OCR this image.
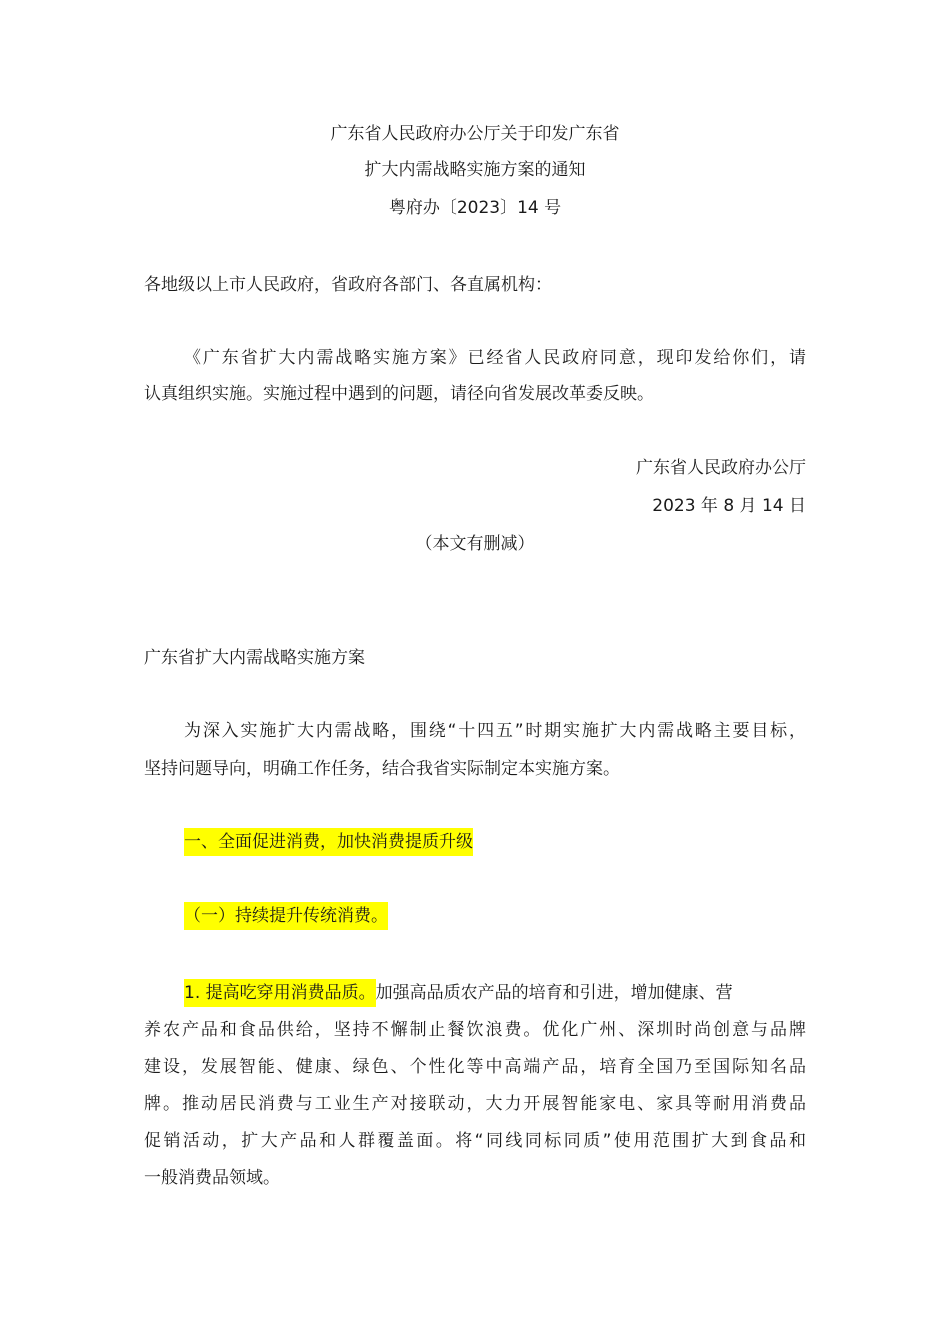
广东省人民政府办公厅关于印发广东省

扩大内需战略实施方案的通知

粤府办〔2023〕14 号

各地级以上市人民政府，省政府各部门、各直属机构：

《广东省扩大内需战略实施方案》已经省人民政府同意，现印发给你们，请

认真组织实施。实施过程中遇到的问题，请径向省发展改革委反映。

广东省人民政府办公厅

2023 年 8 月 14 日

（本文有删减）

广东省扩大内需战略实施方案

为深入实施扩大内需战略，围绕“十四五”时期实施扩大内需战略主要目标，

坚持问题导向，明确工作任务，结合我省实际制定本实施方案。

一、全面促进消费，加快消费提质升级

（一）持续提升传统消费。

1. 提高吃穿用消费品质。加强高品质农产品的培育和引进，增加健康、营

养农产品和食品供给，坚持不懈制止餐饮浪费。优化广州、深圳时尚创意与品牌

建设，发展智能、健康、绿色、个性化等中高端产品，培育全国乃至国际知名品

牌。推动居民消费与工业生产对接联动，大力开展智能家电、家具等耐用消费品

促销活动，扩大产品和人群覆盖面。将“同线同标同质”使用范围扩大到食品和

一般消费品领域。
